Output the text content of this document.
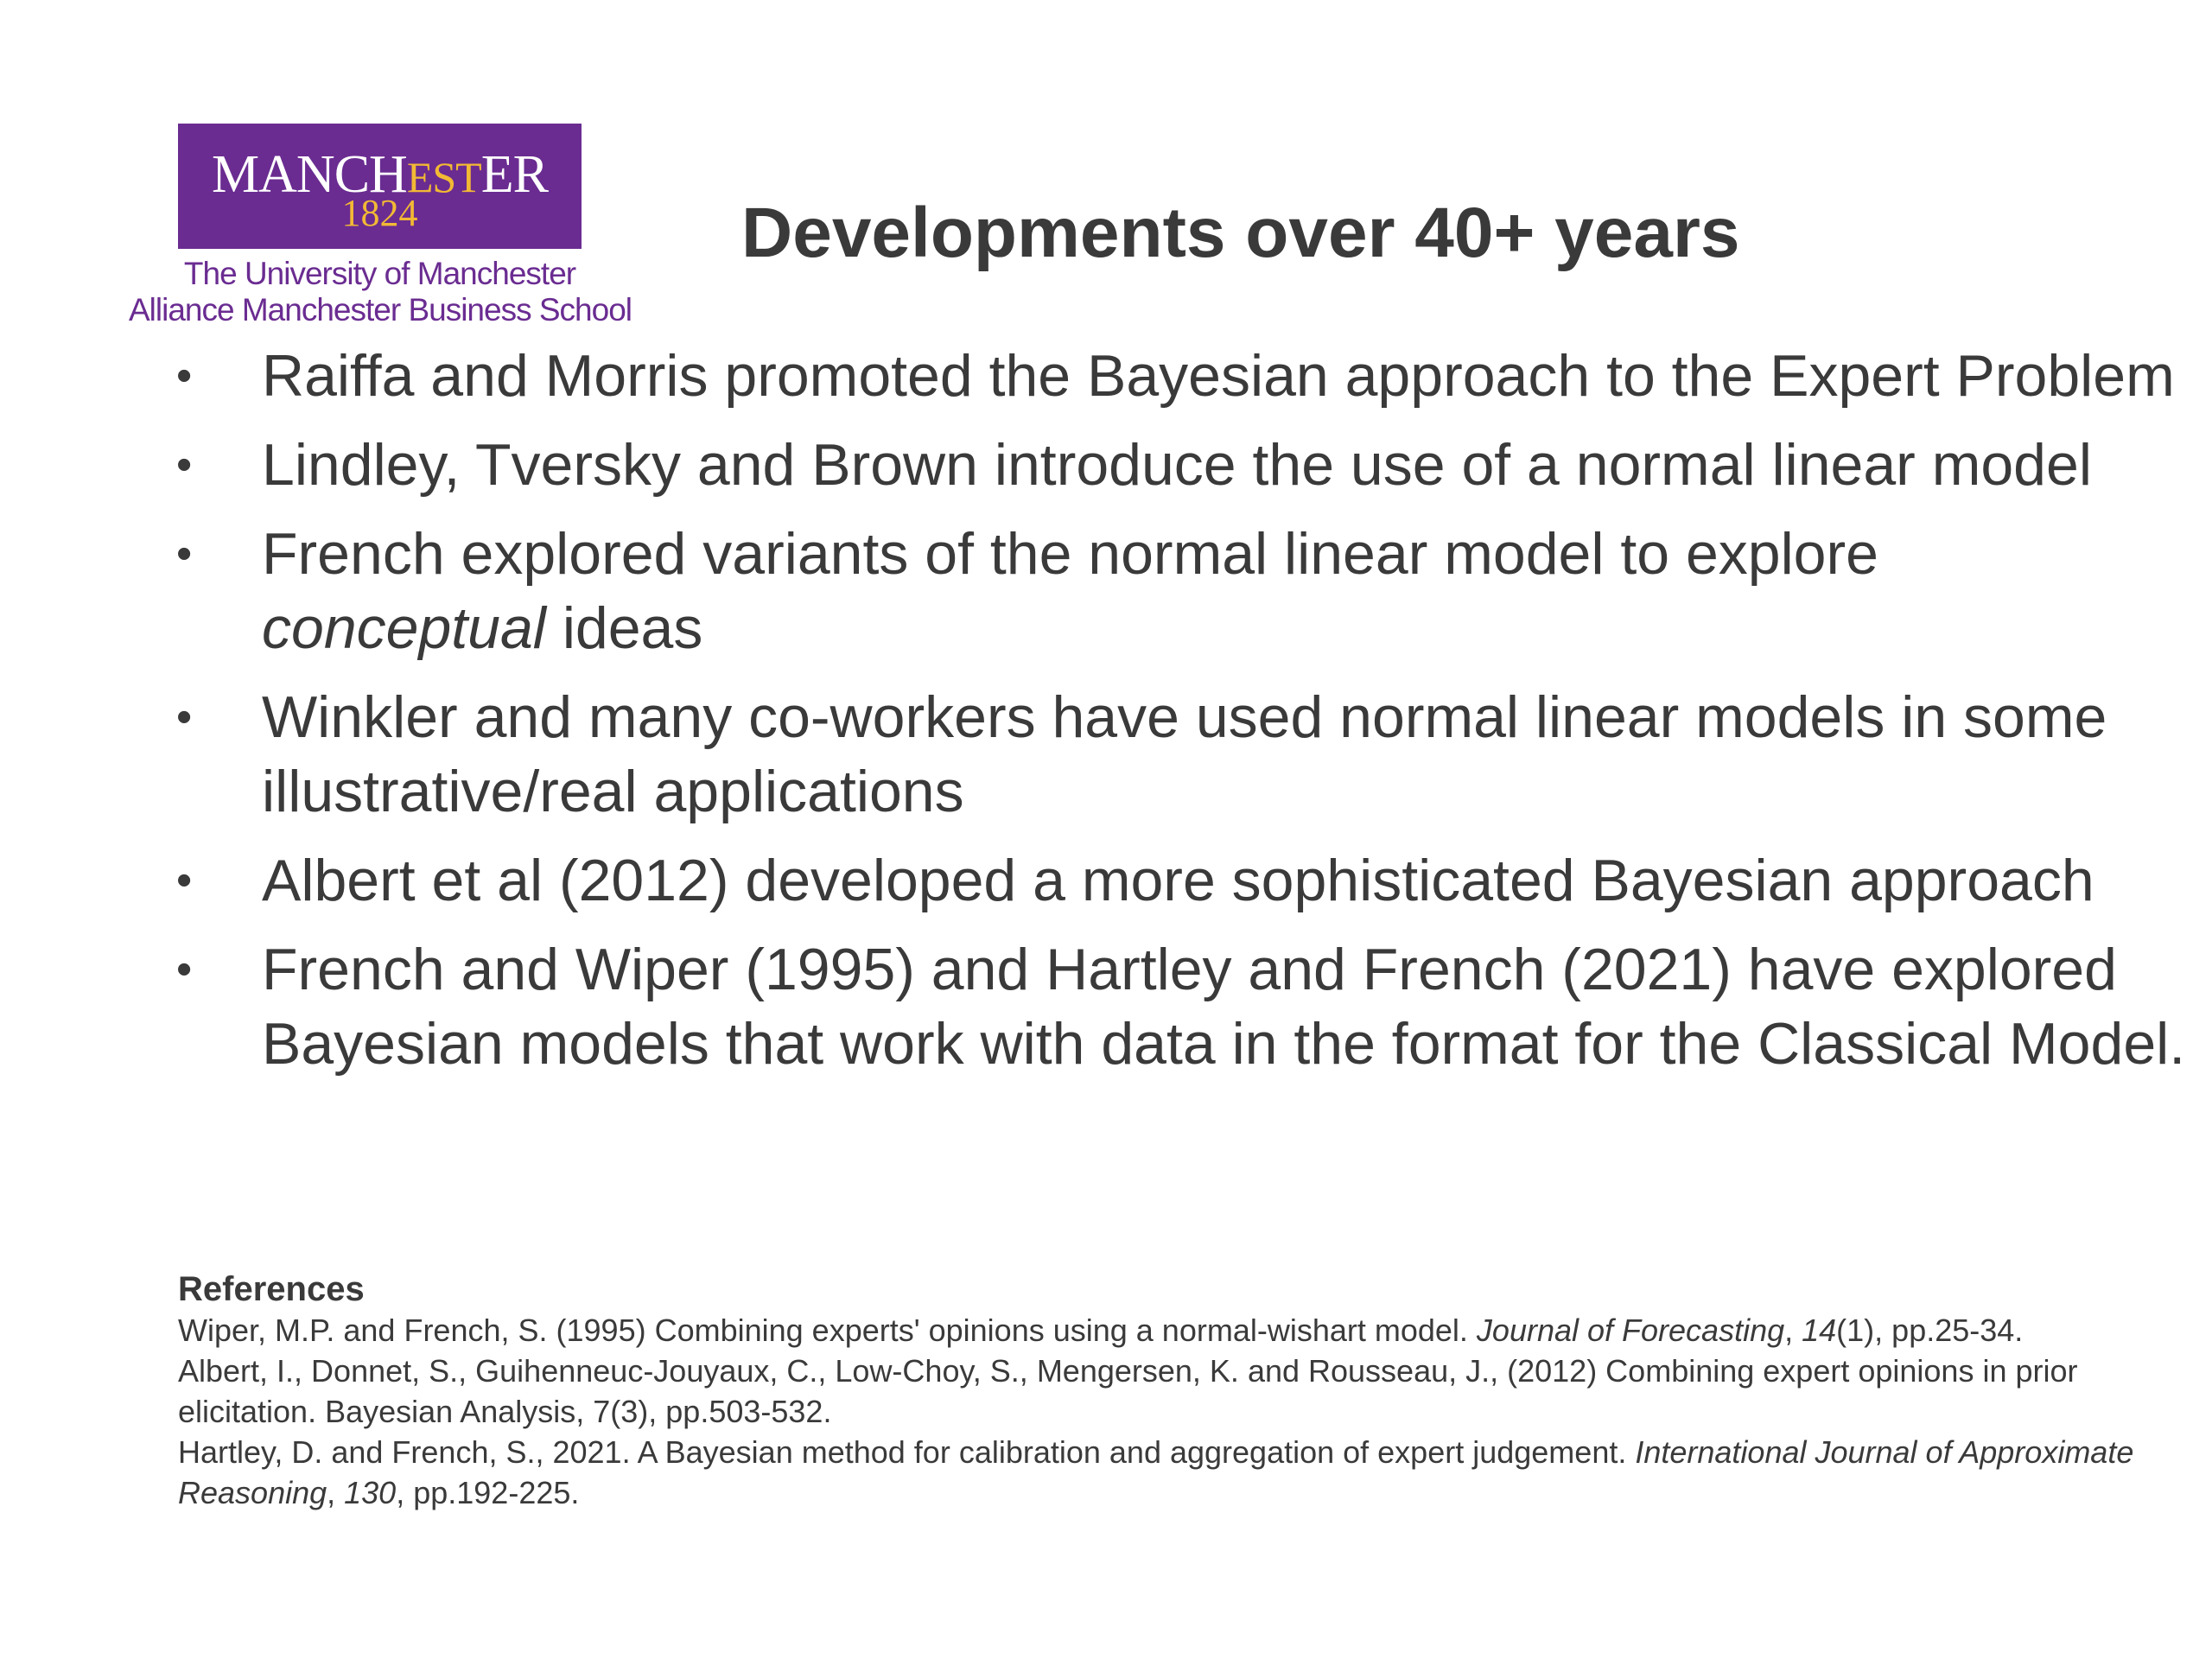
MANCHESTER
1824
The University of Manchester
Alliance Manchester Business School
Developments over 40+ years
• Raiffa and Morris promoted the Bayesian approach to the Expert Problem
• Lindley, Tversky and Brown introduce the use of a normal linear model
• French explored variants of the normal linear model to explore
conceptual ideas
• Winkler and many co-workers have used normal linear models in some illustrative/real applications
• Albert et al (2012) developed a more sophisticated Bayesian approach
• French and Wiper (1995) and Hartley and French (2021) have explored Bayesian models that work with data in the format for the Classical Model.

References

Wiper, M.P. and French, S. (1995) Combining experts' opinions using a normal-wishart model. Journal of Forecasting, 14(1), pp.25-34.

Albert, I., Donnet, S., Guihenneuc-Jouyaux, C., Low-Choy, S., Mengersen, K. and Rousseau, J., (2012) Combining expert opinions in prior elicitation. Bayesian Analysis, 7(3), pp.503-532.

Hartley, D. and French, S., 2021. A Bayesian method for calibration and aggregation of expert judgement. International Journal of Approximate Reasoning, 130, pp.192-225.
